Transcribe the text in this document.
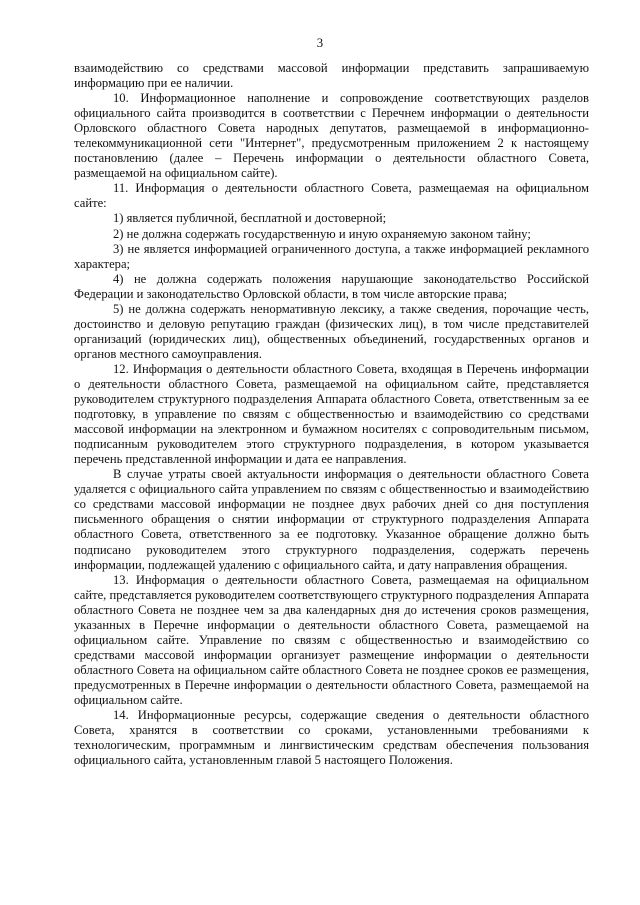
3

взаимодействию со средствами массовой информации представить запрашиваемую информацию при ее наличии.

10. Информационное наполнение и сопровождение соответствующих разделов официального сайта производится в соответствии с Перечнем информации о деятельности Орловского областного Совета народных депутатов, размещаемой в информационно-телекоммуникационной сети "Интернет", предусмотренным приложением 2 к настоящему постановлению (далее – Перечень информации о деятельности областного Совета, размещаемой на официальном сайте).

11. Информация о деятельности областного Совета, размещаемая на официальном сайте:

1) является публичной, бесплатной и достоверной;

2) не должна содержать государственную и иную охраняемую законом тайну;

3) не является информацией ограниченного доступа, а также информацией рекламного характера;

4) не должна содержать положения нарушающие законодательство Российской Федерации и законодательство Орловской области, в том числе авторские права;

5) не должна содержать ненормативную лексику, а также сведения, порочащие честь, достоинство и деловую репутацию граждан (физических лиц), в том числе представителей организаций (юридических лиц), общественных объединений, государственных органов и органов местного самоуправления.

12. Информация о деятельности областного Совета, входящая в Перечень информации о деятельности областного Совета, размещаемой на официальном сайте, представляется руководителем структурного подразделения Аппарата областного Совета, ответственным за ее подготовку, в управление по связям с общественностью и взаимодействию со средствами массовой информации на электронном и бумажном носителях с сопроводительным письмом, подписанным руководителем этого структурного подразделения, в котором указывается перечень представленной информации и дата ее направления.

В случае утраты своей актуальности информация о деятельности областного Совета удаляется с официального сайта управлением по связям с общественностью и взаимодействию со средствами массовой информации не позднее двух рабочих дней со дня поступления письменного обращения о снятии информации от структурного подразделения Аппарата областного Совета, ответственного за ее подготовку. Указанное обращение должно быть подписано руководителем этого структурного подразделения, содержать перечень информации, подлежащей удалению с официального сайта, и дату направления обращения.

13. Информация о деятельности областного Совета, размещаемая на официальном сайте, представляется руководителем соответствующего структурного подразделения Аппарата областного Совета не позднее чем за два календарных дня до истечения сроков размещения, указанных в Перечне информации о деятельности областного Совета, размещаемой на официальном сайте. Управление по связям с общественностью и взаимодействию со средствами массовой информации организует размещение информации о деятельности областного Совета на официальном сайте областного Совета не позднее сроков ее размещения, предусмотренных в Перечне информации о деятельности областного Совета, размещаемой на официальном сайте.

14. Информационные ресурсы, содержащие сведения о деятельности областного Совета, хранятся в соответствии со сроками, установленными требованиями к технологическим, программным и лингвистическим средствам обеспечения пользования официального сайта, установленным главой 5 настоящего Положения.
